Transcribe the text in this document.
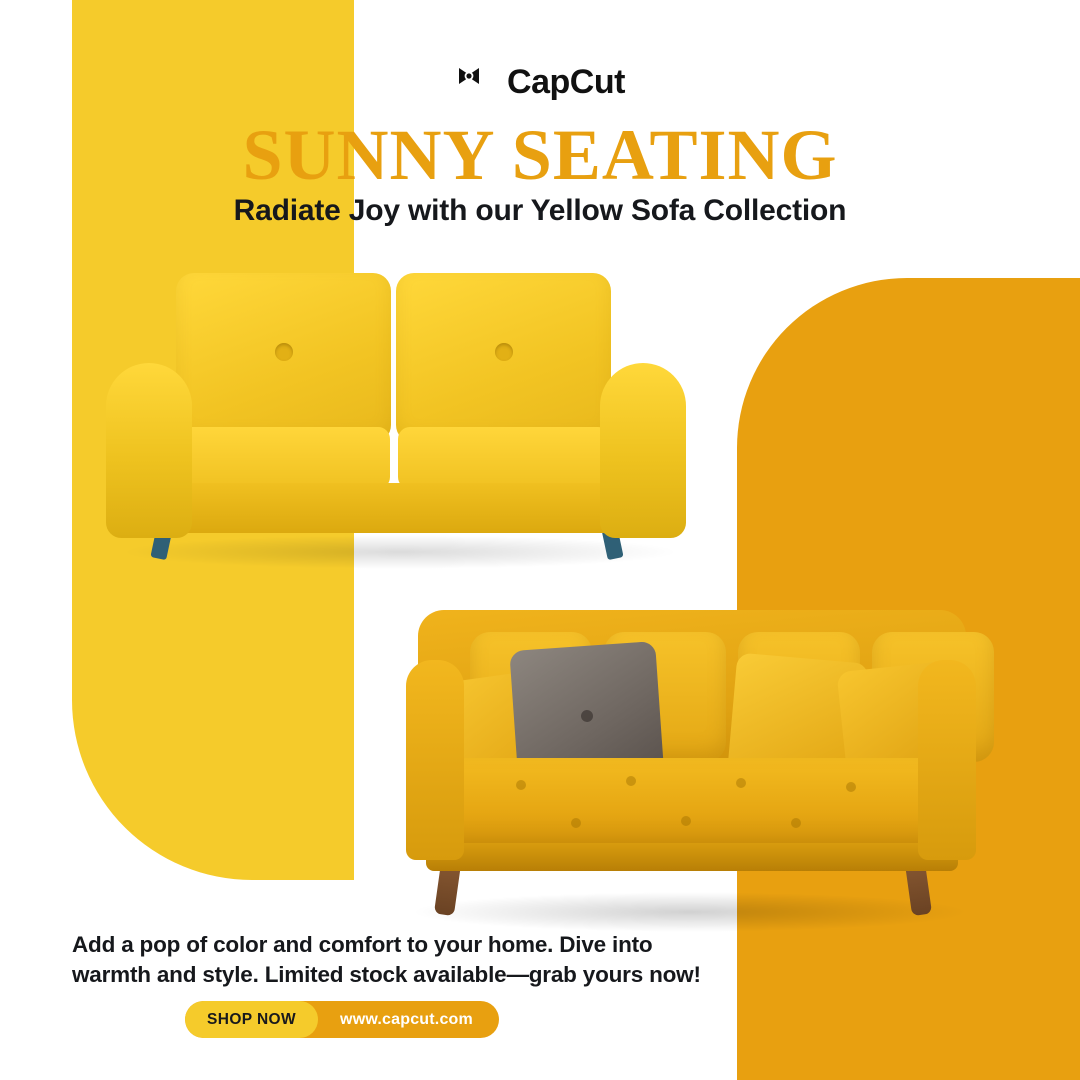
CapCut
SUNNY SEATING
Radiate Joy with our Yellow Sofa Collection
Add a pop of color and comfort to your home. Dive into warmth and style. Limited stock available—grab yours now!
SHOP NOW	www.capcut.com
